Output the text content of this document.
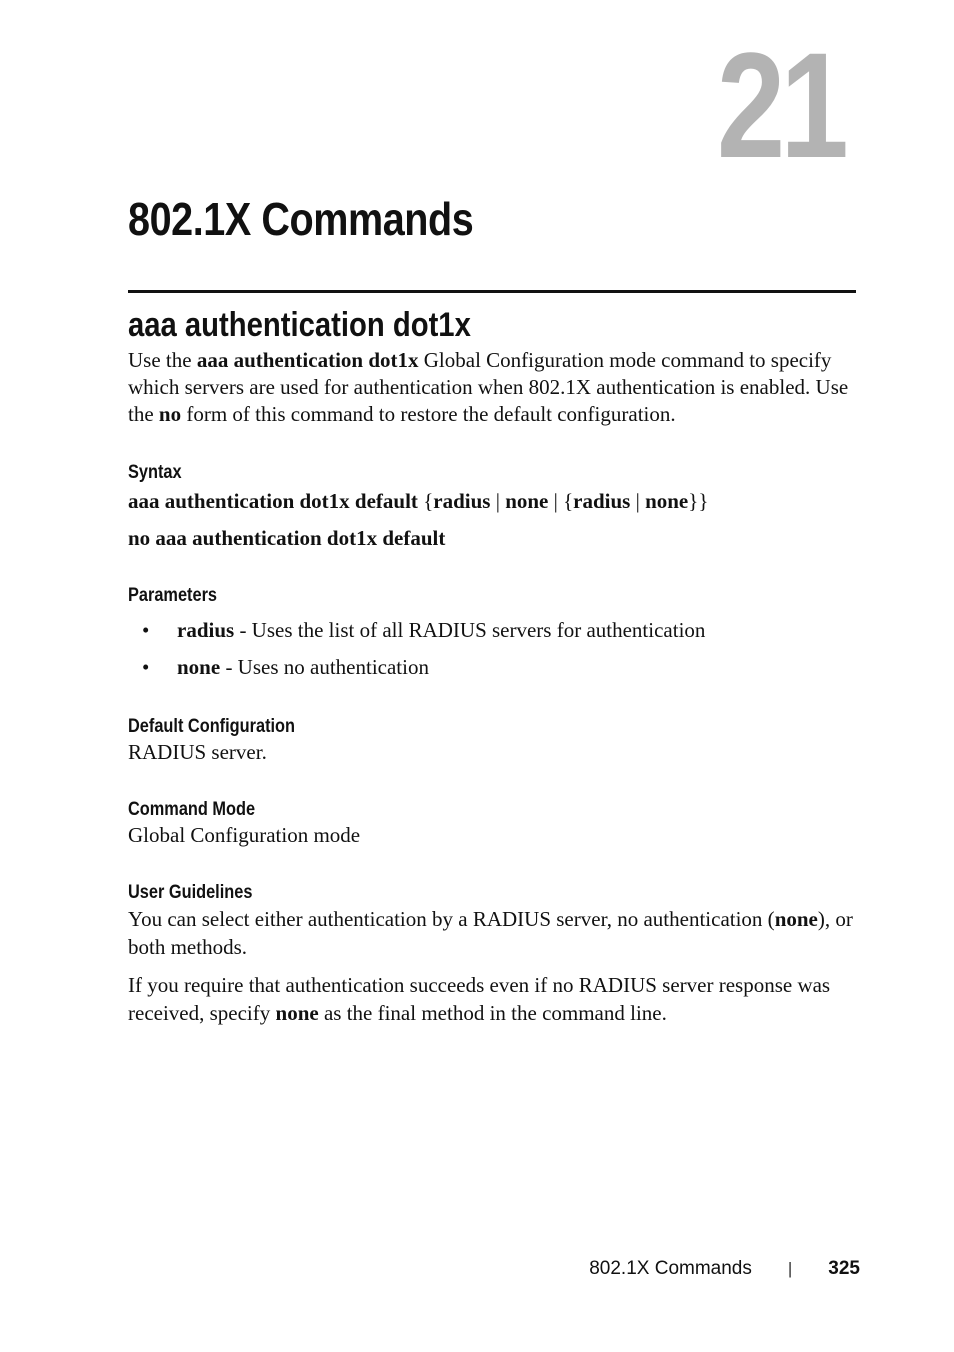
21
802.1X Commands
aaa authentication dot1x

Use the aaa authentication dot1x Global Configuration mode command to specify which servers are used for authentication when 802.1X authentication is enabled. Use the no form of this command to restore the default configuration.

Syntax

aaa authentication dot1x default {radius | none | {radius | none}}

no aaa authentication dot1x default

Parameters
• radius - Uses the list of all RADIUS servers for authentication
• none - Uses no authentication
Default Configuration

RADIUS server.

Command Mode

Global Configuration mode

User Guidelines

You can select either authentication by a RADIUS server, no authentication (none), or both methods.

If you require that authentication succeeds even if no RADIUS server response was received, specify none as the final method in the command line.

802.1X Commands | 325
